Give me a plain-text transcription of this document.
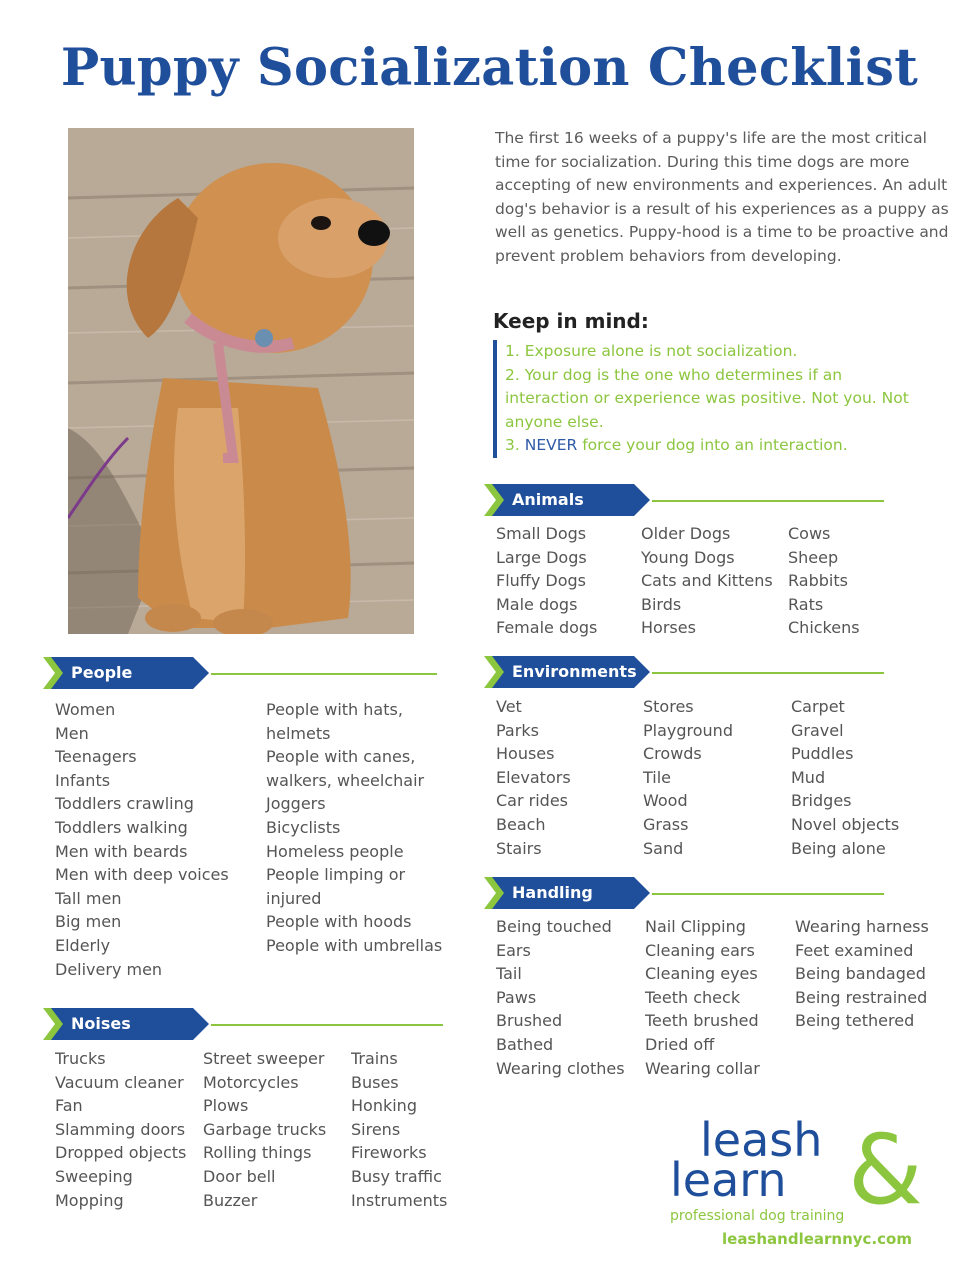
Puppy Socialization Checklist
The first 16 weeks of a puppy's life are the most critical time for socialization. During this time dogs are more accepting of new environments and experiences. An adult dog's behavior is a result of his experiences as a puppy as well as genetics. Puppy-hood is a time to be proactive and prevent problem behaviors from developing.
Keep in mind:
1. Exposure alone is not socialization.
2. Your dog is the one who determines if an interaction or experience was positive. Not you. Not anyone else.
3. NEVER force your dog into an interaction.
Animals
Small Dogs
Large Dogs
Fluffy Dogs
Male dogs
Female dogs
Older Dogs
Young Dogs
Cats and Kittens
Birds
Horses
Cows
Sheep
Rabbits
Rats
Chickens
Environments
Vet
Parks
Houses
Elevators
Car rides
Beach
Stairs
Stores
Playground
Crowds
Tile
Wood
Grass
Sand
Carpet
Gravel
Puddles
Mud
Bridges
Novel objects
Being alone
Handling
Being touched
Ears
Tail
Paws
Brushed
Bathed
Wearing clothes
Nail Clipping
Cleaning ears
Cleaning eyes
Teeth check
Teeth brushed
Dried off
Wearing collar
Wearing harness
Feet examined
Being bandaged
Being restrained
Being tethered
People
Women
Men
Teenagers
Infants
Toddlers crawling
Toddlers walking
Men with beards
Men with deep voices
Tall men
Big men
Elderly
Delivery men
People with hats,
helmets
People with canes,
walkers, wheelchair
Joggers
Bicyclists
Homeless people
People limping or
injured
People with hoods
People with umbrellas
Noises
Trucks
Vacuum cleaner
Fan
Slamming doors
Dropped objects
Sweeping
Mopping
Street sweeper
Motorcycles
Plows
Garbage trucks
Rolling things
Door bell
Buzzer
Trains
Buses
Honking
Sirens
Fireworks
Busy traffic
Instruments	&
leash
learn
professional dog training
leashandlearnnyc.com
